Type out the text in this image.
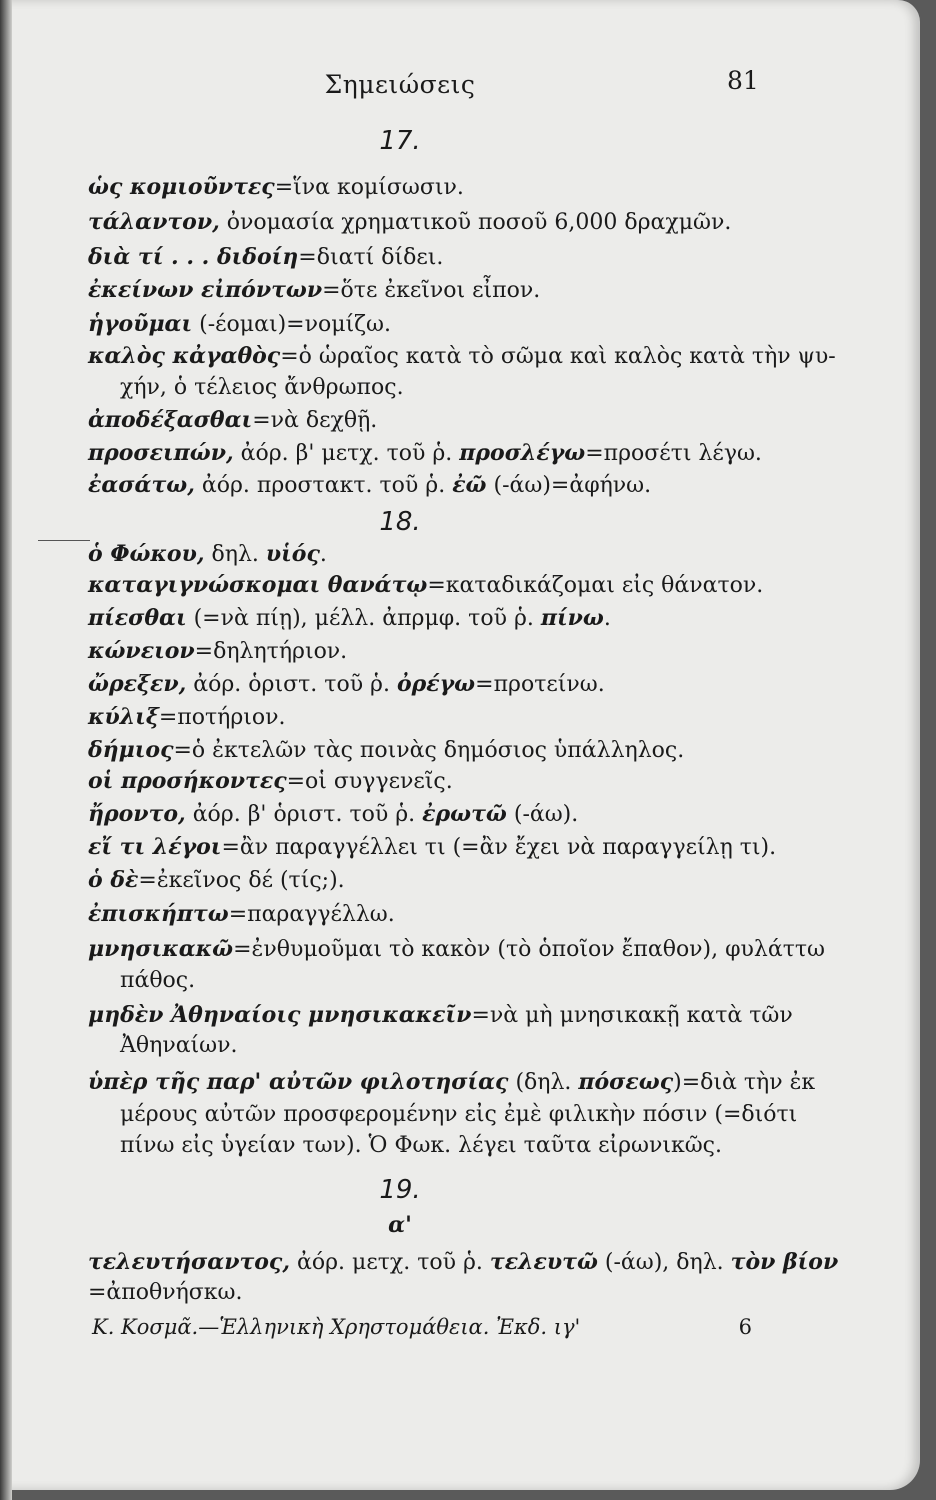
Σημειώσεις	81
17.
ὡς κομιοῦντες=ἵνα κομίσωσιν.
τάλαντον, ὀνομασία χρηματικοῦ ποσοῦ 6,000 δραχμῶν.
διὰ τί . . . διδοίη=διατί δίδει.
ἐκείνων εἰπόντων=ὅτε ἐκεῖνοι εἶπον.
ἡγοῦμαι (-έομαι)=νομίζω.
καλὸς κἀγαθὸς=ὁ ὡραῖος κατὰ τὸ σῶμα καὶ καλὸς κατὰ τὴν ψυ-
χήν, ὁ τέλειος ἄνθρωπος.
ἀποδέξασθαι=νὰ δεχθῇ.
προσειπών, ἀόρ. β' μετχ. τοῦ ῥ. προσλέγω=προσέτι λέγω.
ἐασάτω, ἀόρ. προστακτ. τοῦ ῥ. ἐῶ (-άω)=ἀφήνω.
18.
ὁ Φώκου, δηλ. υἱός.
καταγιγνώσκομαι θανάτῳ=καταδικάζομαι εἰς θάνατον.
πίεσθαι (=νὰ πίῃ), μέλλ. ἀπρμφ. τοῦ ῥ. πίνω.
κώνειον=δηλητήριον.
ὤρεξεν, ἀόρ. ὁριστ. τοῦ ῥ. ὀρέγω=προτείνω.
κύλιξ=ποτήριον.
δήμιος=ὁ ἐκτελῶν τὰς ποινὰς δημόσιος ὑπάλληλος.
οἱ προσήκοντες=οἱ συγγενεῖς.
ἤροντο, ἀόρ. β' ὁριστ. τοῦ ῥ. ἐρωτῶ (-άω).
εἴ τι λέγοι=ἂν παραγγέλλει τι (=ἂν ἔχει νὰ παραγγείλῃ τι).
ὁ δὲ=ἐκεῖνος δέ (τίς;).
ἐπισκήπτω=παραγγέλλω.
μνησικακῶ=ἐνθυμοῦμαι τὸ κακὸν (τὸ ὁποῖον ἔπαθον), φυλάττω
πάθος.
μηδὲν Ἀθηναίοις μνησικακεῖν=νὰ μὴ μνησικακῇ κατὰ τῶν
Ἀθηναίων.
ὑπὲρ τῆς παρ' αὐτῶν φιλοτησίας (δηλ. πόσεως)=διὰ τὴν ἐκ
μέρους αὐτῶν προσφερομένην εἰς ἐμὲ φιλικὴν πόσιν (=διότι
πίνω εἰς ὑγείαν των). Ὁ Φωκ. λέγει ταῦτα εἰρωνικῶς.
19.
α'
τελευτήσαντος, ἀόρ. μετχ. τοῦ ῥ. τελευτῶ (-άω), δηλ. τὸν βίον
=ἀποθνήσκω.
Κ. Κοσμᾶ.—Ἑλληνικὴ Χρηστομάθεια. Ἐκδ. ιγ'	6
